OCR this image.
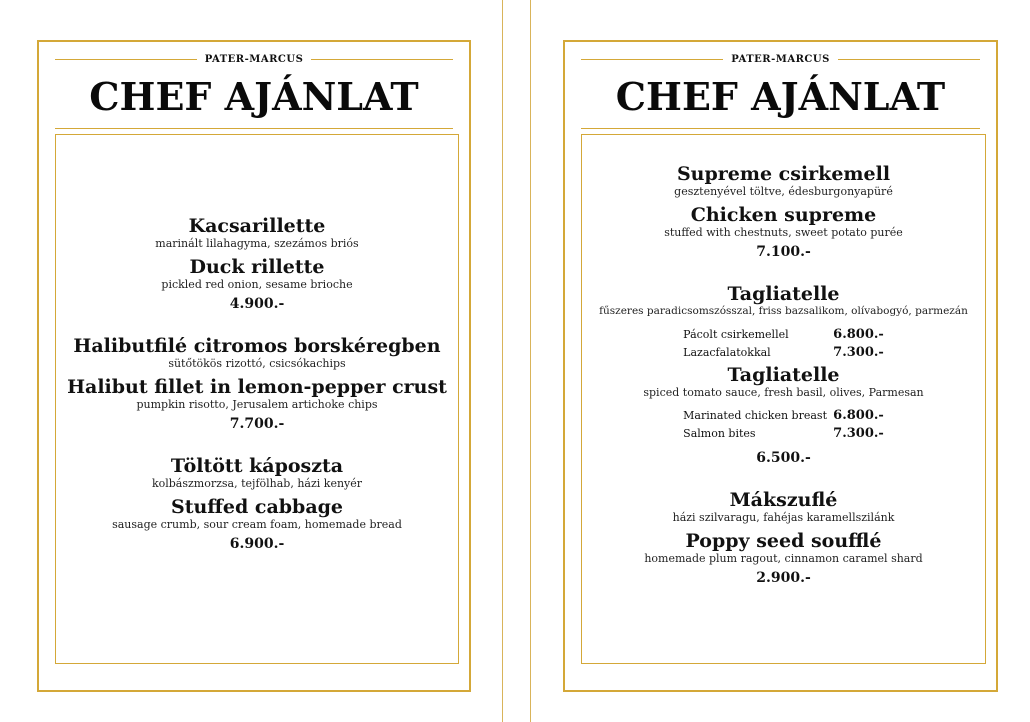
PATER-MARCUS
CHEF AJÁNLAT
Kacsarillette
marinált lilahagyma, szezámos briós
Duck rillette
pickled red onion, sesame brioche
4.900.-
Halibutfilé citromos borskéregben
sütőtökös rizottó, csicsókachips
Halibut fillet in lemon-pepper crust
pumpkin risotto, Jerusalem artichoke chips
7.700.-
Töltött káposzta
kolbászmorzsa, tejfölhab, házi kenyér
Stuffed cabbage
sausage crumb, sour cream foam, homemade bread
6.900.-
PATER-MARCUS
CHEF AJÁNLAT
Supreme csirkemell
gesztenyével töltve, édesburgonyapüré
Chicken supreme
stuffed with chestnuts, sweet potato purée
7.100.-
Tagliatelle
fűszeres paradicsomszósszal, friss bazsalikom, olívabogyó, parmezán
Pácolt csirkemellel	6.800.-
Lazacfalatokkal	7.300.-
Tagliatelle
spiced tomato sauce, fresh basil, olives, Parmesan
Marinated chicken breast 6.800.-
Salmon bites	7.300.-
6.500.-
Mákszuflé
házi szilvaragu, fahéjas karamellszilánk
Poppy seed soufflé
homemade plum ragout, cinnamon caramel shard
2.900.-
